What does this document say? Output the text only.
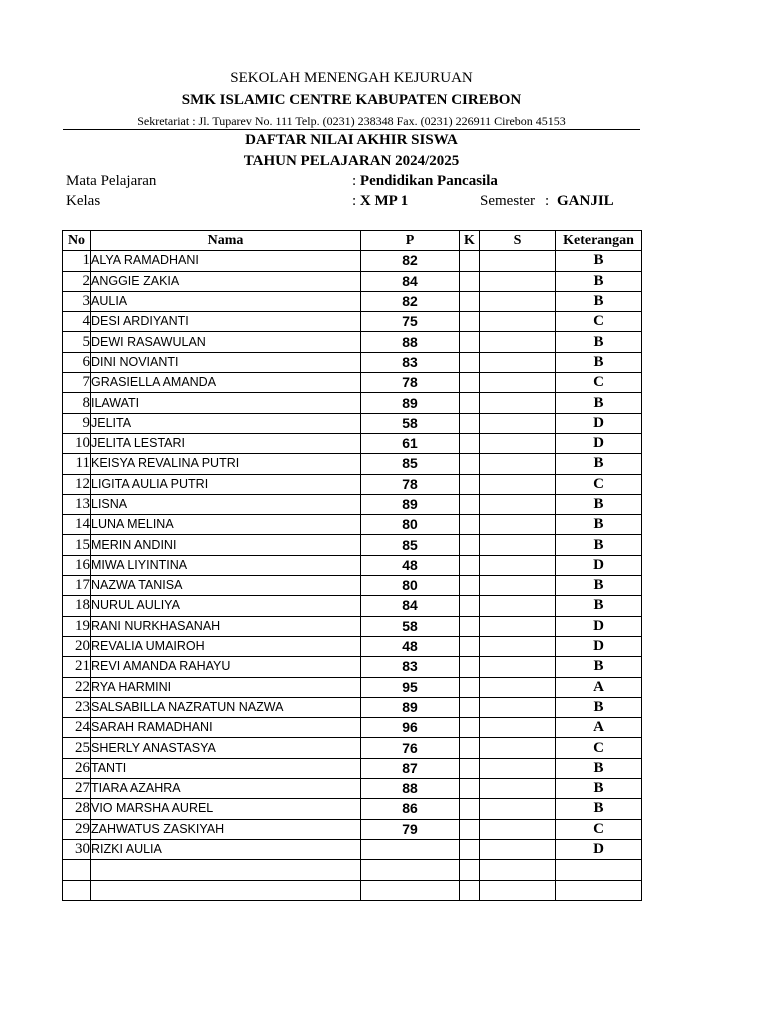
SEKOLAH MENENGAH KEJURUAN
SMK ISLAMIC CENTRE KABUPATEN CIREBON
Sekretariat : Jl. Tuparev No. 111 Telp. (0231) 238348 Fax. (0231) 226911 Cirebon 45153
DAFTAR NILAI AKHIR SISWA
TAHUN PELAJARAN 2024/2025
Mata Pelajaran	: Pendidikan Pancasila
Kelas	: X MP 1	Semester : GANJIL
No	Nama	P	K	S	Keterangan
1	ALYA RAMADHANI	82			B
2	ANGGIE ZAKIA	84			B
3	AULIA	82			B
4	DESI ARDIYANTI	75			C
5	DEWI RASAWULAN	88			B
6	DINI NOVIANTI	83			B
7	GRASIELLA AMANDA	78			C
8	ILAWATI	89			B
9	JELITA	58			D
10	JELITA LESTARI	61			D
11	KEISYA REVALINA PUTRI	85			B
12	LIGITA AULIA PUTRI	78			C
13	LISNA	89			B
14	LUNA MELINA	80			B
15	MERIN ANDINI	85			B
16	MIWA LIYINTINA	48			D
17	NAZWA TANISA	80			B
18	NURUL AULIYA	84			B
19	RANI NURKHASANAH	58			D
20	REVALIA UMAIROH	48			D
21	REVI AMANDA RAHAYU	83			B
22	RYA HARMINI	95			A
23	SALSABILLA NAZRATUN NAZWA	89			B
24	SARAH RAMADHANI	96			A
25	SHERLY ANASTASYA	76			C
26	TANTI	87			B
27	TIARA AZAHRA	88			B
28	VIO MARSHA AUREL	86			B
29	ZAHWATUS ZASKIYAH	79			C
30	RIZKI AULIA				D
